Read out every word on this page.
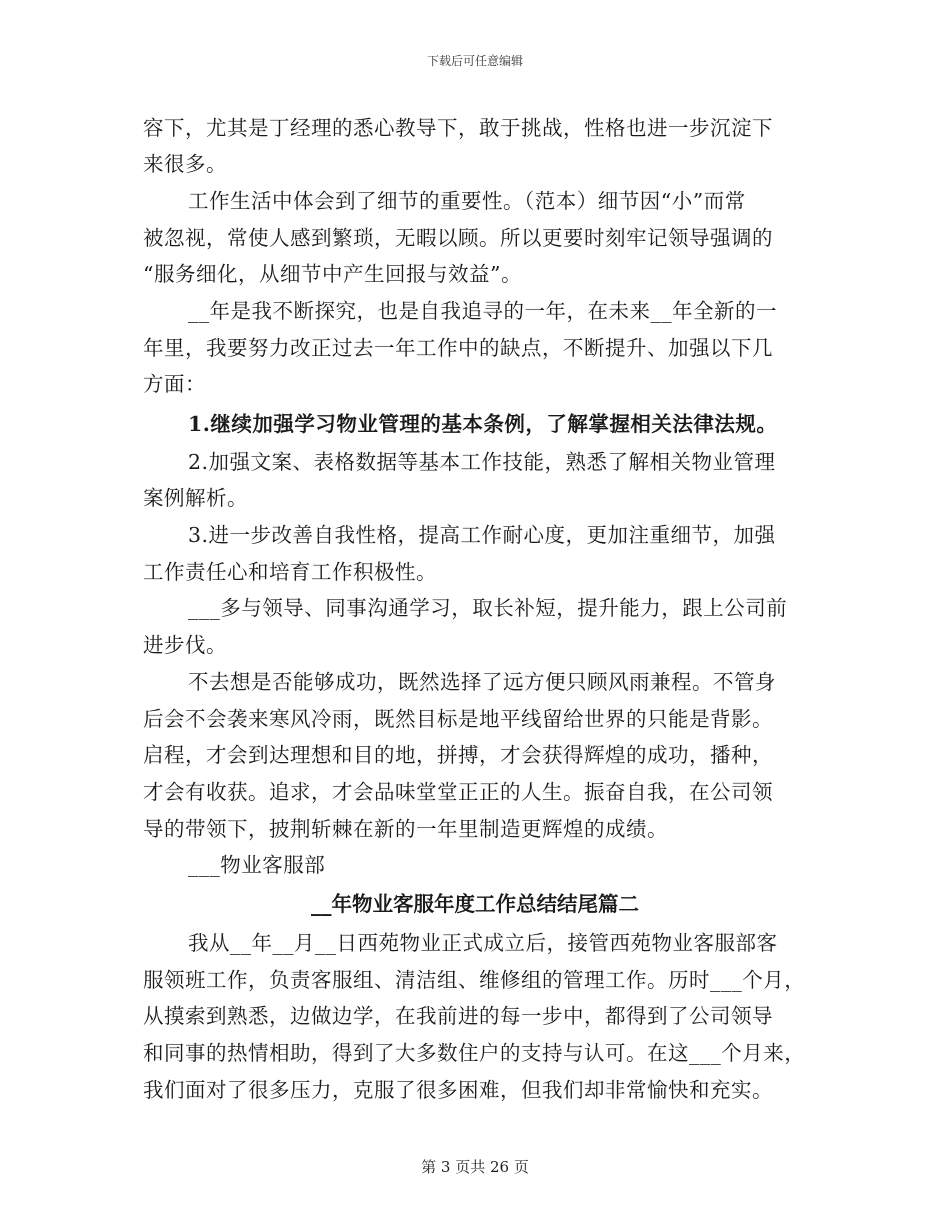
下载后可任意编辑
容下，尤其是丁经理的悉心教导下，敢于挑战，性格也进一步沉淀下
来很多。
工作生活中体会到了细节的重要性。（范本）细节因“小”而常
被忽视，常使人感到繁琐，无暇以顾。所以更要时刻牢记领导强调的
“服务细化，从细节中产生回报与效益”。
__年是我不断探究，也是自我追寻的一年，在未来__年全新的一
年里，我要努力改正过去一年工作中的缺点，不断提升、加强以下几
方面：
1.继续加强学习物业管理的基本条例，了解掌握相关法律法规。
2.加强文案、表格数据等基本工作技能，熟悉了解相关物业管理
案例解析。
3.进一步改善自我性格，提高工作耐心度，更加注重细节，加强
工作责任心和培育工作积极性。
___多与领导、同事沟通学习，取长补短，提升能力，跟上公司前
进步伐。
不去想是否能够成功，既然选择了远方便只顾风雨兼程。不管身
后会不会袭来寒风冷雨，既然目标是地平线留给世界的只能是背影。
启程，才会到达理想和目的地，拼搏，才会获得辉煌的成功，播种，
才会有收获。追求，才会品味堂堂正正的人生。振奋自我，在公司领
导的带领下，披荆斩棘在新的一年里制造更辉煌的成绩。
___物业客服部
__年物业客服年度工作总结结尾篇二
我从__年__月__日西苑物业正式成立后，接管西苑物业客服部客
服领班工作，负责客服组、清洁组、维修组的管理工作。历时___个月，
从摸索到熟悉，边做边学，在我前进的每一步中，都得到了公司领导
和同事的热情相助，得到了大多数住户的支持与认可。在这___个月来，
我们面对了很多压力，克服了很多困难，但我们却非常愉快和充实。
第 3 页共 26 页
